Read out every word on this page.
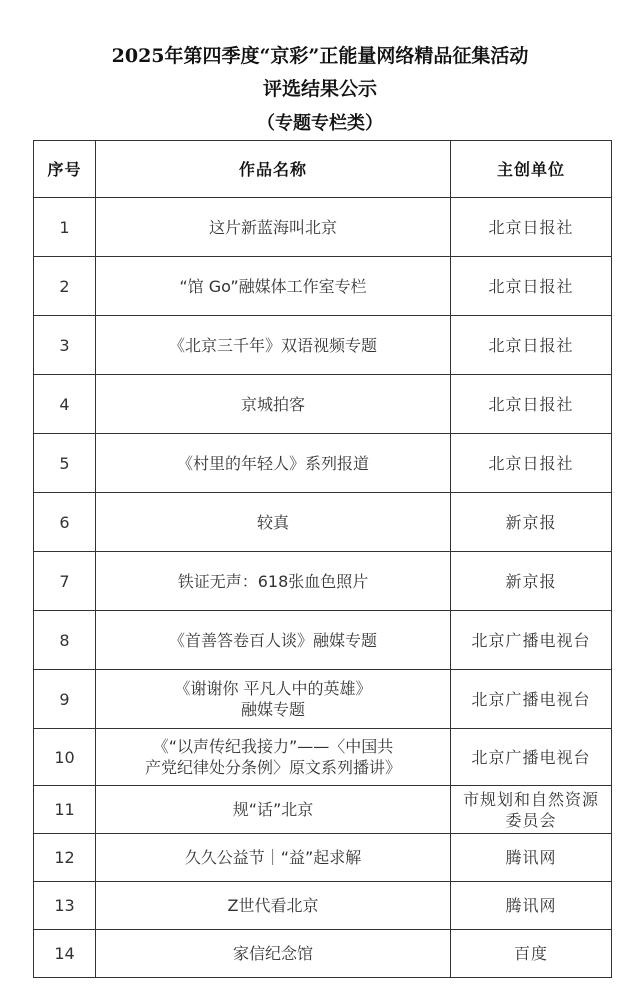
2025年第四季度“京彩”正能量网络精品征集活动
评选结果公示
（专题专栏类）
序号	作品名称	主创单位
1	这片新蓝海叫北京	北京日报社

2	“馆 Go”融媒体工作室专栏	北京日报社

3	《北京三千年》双语视频专题	北京日报社

4	京城拍客	北京日报社

5	《村里的年轻人》系列报道	北京日报社

6	较真	新京报

7	铁证无声：618张血色照片	新京报

8	《首善答卷百人谈》融媒专题	北京广播电视台

9	《谢谢你 平凡人中的英雄》
融媒专题	北京广播电视台

10	《“以声传纪我接力”——〈中国共
产党纪律处分条例〉原文系列播讲》	北京广播电视台

11	规“话”北京	市规划和自然资源
委员会

12	久久公益节｜“益”起求解	腾讯网

13	Z世代看北京	腾讯网

14	家信纪念馆	百度
